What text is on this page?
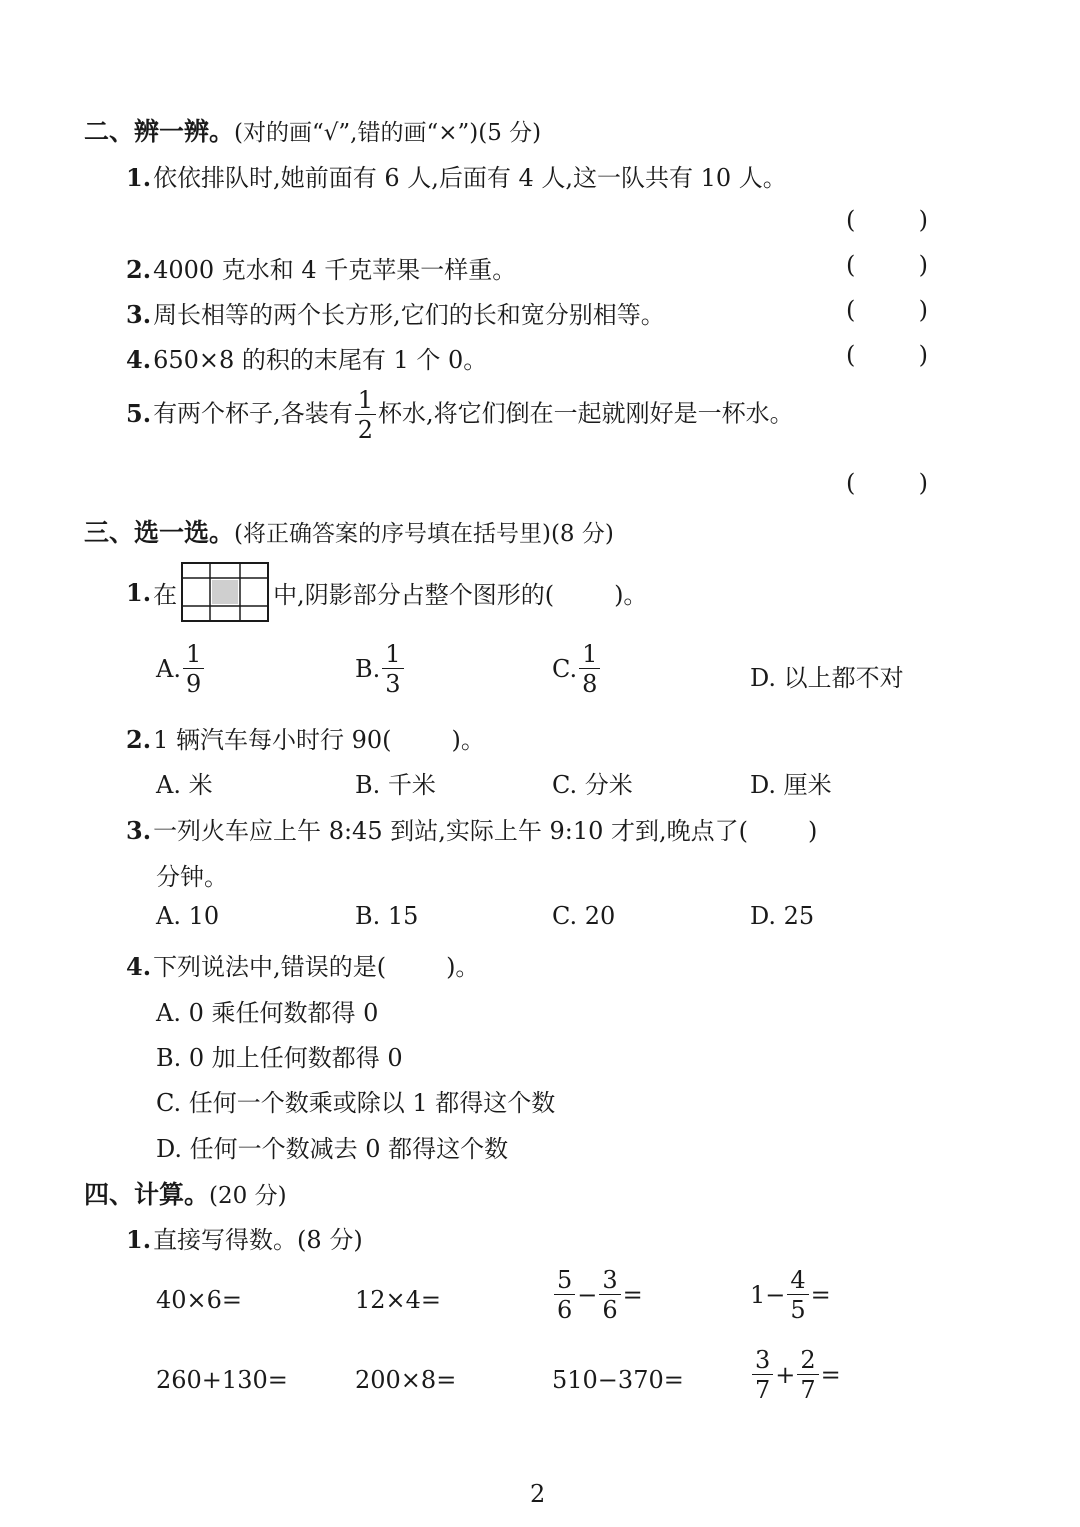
二、辨一辨。(对的画“√”,错的画“×”)(5 分)
1.依依排队时,她前面有 6 人,后面有 4 人,这一队共有 10 人。
(	)
2.4000 克水和 4 千克苹果一样重。	(	)
3.周长相等的两个长方形,它们的长和宽分别相等。	(	)
4.650×8 的积的末尾有 1 个 0。	(	)
5.有两个杯子,各装有 $\frac{1}{2}$ 杯水,将它们倒在一起就刚好是一杯水。
(	)
三、选一选。(将正确答案的序号填在括号里)(8 分)
1. 在	中,阴影部分占整个图形的(	)。
A. $\frac{1}{9}$	B. $\frac{1}{3}$	C. $\frac{1}{8}$	D. 以上都不对
2.1 辆汽车每小时行 90(	)。
A. 米	B. 千米	C. 分米	D. 厘米
3.一列火车应上午 8:45 到站,实际上午 9:10 才到,晚点了(	)
分钟。
A. 10	B. 15	C. 20	D. 25
4.下列说法中,错误的是(	)。
A. 0 乘任何数都得 0
B. 0 加上任何数都得 0
C. 任何一个数乘或除以 1 都得这个数
D. 任何一个数减去 0 都得这个数
四、计算。(20 分)
1.直接写得数。(8 分)
40×6=	12×4=	$\frac{5}{6} - \frac{3}{6}$ =	$1- \frac{4}{5}$ =
260+130=	200×8=	510−370=	$\frac{3}{7} + \frac{2}{7}$ =
2
